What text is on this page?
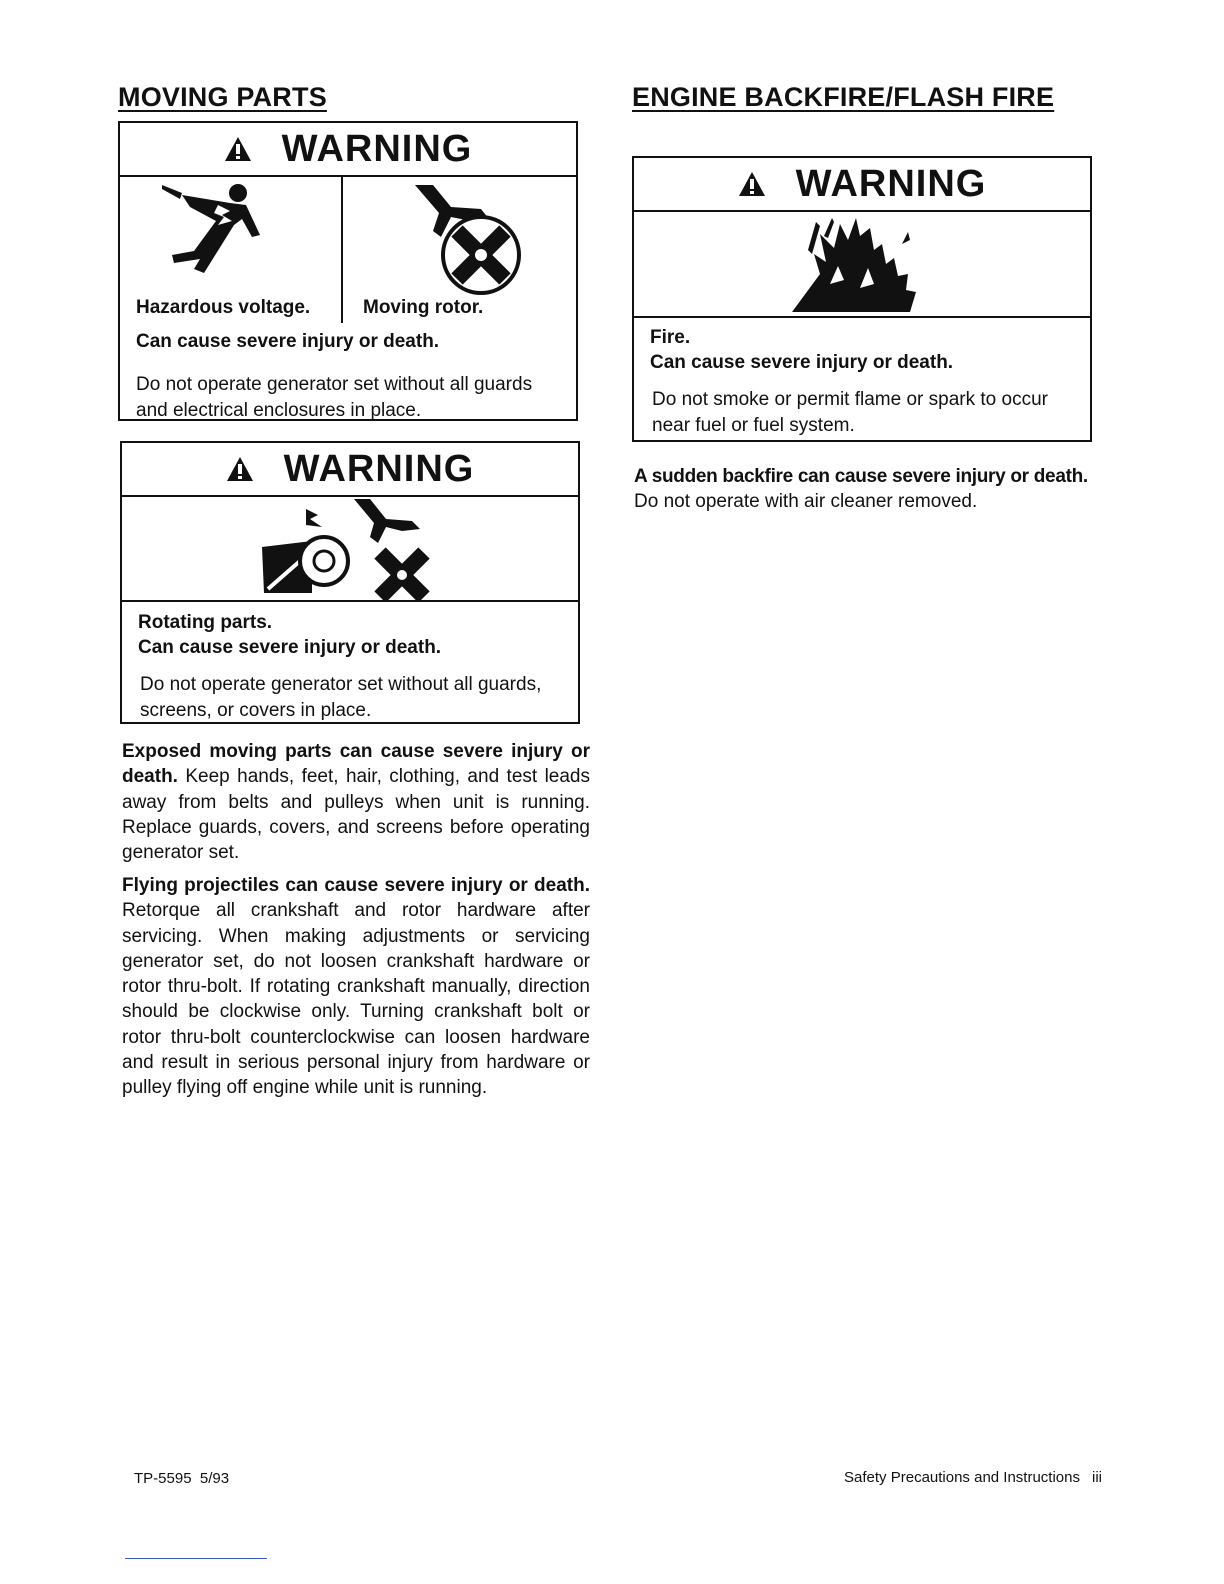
MOVING PARTS
WARNING
Hazardous voltage.	Moving rotor.
Can cause severe injury or death.
Do not operate generator set without all guards
and electrical enclosures in place.
WARNING
Rotating parts.
Can cause severe injury or death.
Do not operate generator set without all guards,
screens, or covers in place.

Exposed moving parts can cause severe injury or death. Keep hands, feet, hair, clothing, and test leads away from belts and pulleys when unit is running. Replace guards, covers, and screens before operating generator set.

Flying projectiles can cause severe injury or death. Retorque all crankshaft and rotor hardware after servicing. When making adjustments or servicing generator set, do not loosen crankshaft hardware or rotor thru-bolt. If rotating crankshaft manually, direction should be clockwise only. Turning crankshaft bolt or rotor thru-bolt counterclockwise can loosen hardware and result in serious personal injury from hardware or pulley flying off engine while unit is running.

ENGINE BACKFIRE/FLASH FIRE
WARNING
Fire.
Can cause severe injury or death.
Do not smoke or permit flame or spark to occur
near fuel or fuel system.
A sudden backfire can cause severe injury or death.
Do not operate with air cleaner removed.
TP-5595  5/93	Safety Precautions and Instructions iii
